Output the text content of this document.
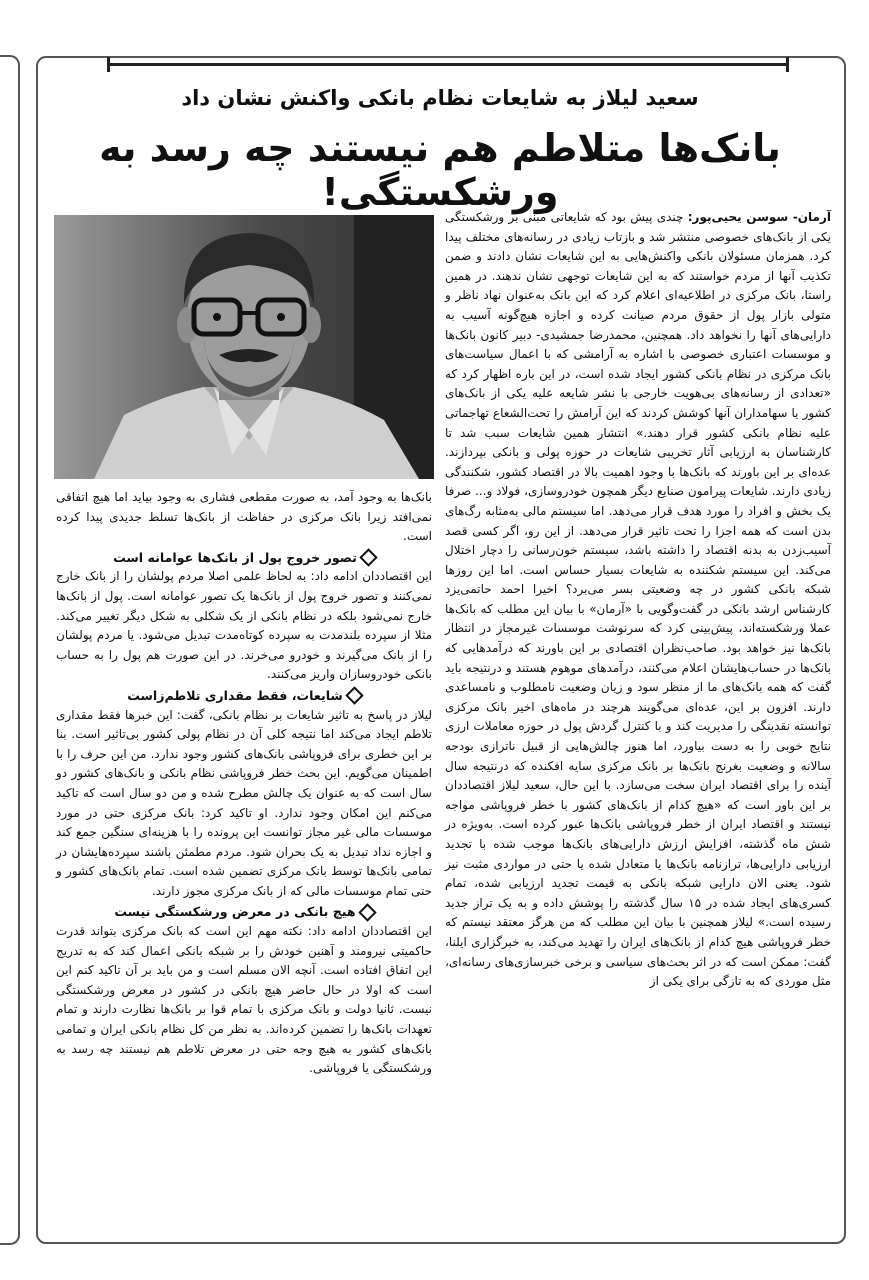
سعید لیلاز به شایعات نظام بانکی واکنش نشان داد
بانک‌ها متلاطم هم نیستند چه رسد به ورشکستگی!

آرمان- سوسن یحیی‌پور: چندی پیش بود که شایعاتی مبنی بر ورشکستگی یکی از بانک‌های خصوصی منتشر شد و بازتاب زیادی در رسانه‌های مختلف پیدا کرد. همزمان مسئولان بانکی واکنش‌هایی به این شایعات نشان دادند و ضمن تکذیب آنها از مردم خواستند که به این شایعات توجهی نشان ندهند. در همین راستا، بانک مرکزی در اطلاعیه‌ای اعلام کرد که این بانک به‌عنوان نهاد ناظر و متولی بازار پول از حقوق مردم صیانت کرده و اجازه هیچ‌گونه آسیب به دارایی‌های آنها را نخواهد داد. همچنین، محمدرضا جمشیدی- دبیر کانون بانک‌ها و موسسات اعتباری خصوصی با اشاره به آرامشی که با اعمال سیاست‌های بانک مرکزی در نظام بانکی کشور ایجاد شده است، در این باره اظهار کرد که «تعدادی از رسانه‌های بی‌هویت خارجی با نشر شایعه علیه یکی از بانک‌های کشور یا سهامداران آنها کوشش کردند که این آرامش را تحت‌الشعاع تهاجماتی علیه نظام بانکی کشور قرار دهند.» انتشار همین شایعات سبب شد تا کارشناسان به ارزیابی آثار تخریبی شایعات در حوزه پولی و بانکی بپردازند. عده‌ای بر این باورند که بانک‌ها با وجود اهمیت بالا در اقتصاد کشور، شکنندگی زیادی دارند. شایعات پیرامون صنایع دیگر همچون خودروسازی، فولاد و... صرفا یک بخش و افراد را مورد هدف قرار می‌دهد. اما سیستم مالی به‌مثابه رگ‌های بدن است که همه اجزا را تحت تاثیر قرار می‌دهد. از این رو، اگر کسی قصد آسیب‌زدن به بدنه اقتصاد را داشته باشد، سیستم خون‌رسانی را دچار اختلال می‌کند. این سیستم شکننده به شایعات بسیار حساس است. اما این روزها شبکه بانکی کشور در چه وضعیتی بسر می‌برد؟ اخیرا احمد حاتمی‌یزد کارشناس ارشد بانکی در گفت‌وگویی با «آرمان» با بیان این مطلب که بانک‌ها عملا ورشکسته‌اند، پیش‌بینی کرد که سرنوشت موسسات غیرمجاز در انتظار بانک‌ها نیز خواهد بود. صاحب‌نظران اقتصادی بر این باورند که درآمدهایی که بانک‌ها در حساب‌هایشان اعلام می‌کنند، درآمدهای موهوم هستند و درنتیجه باید گفت که همه بانک‌های ما از منظر سود و زیان وضعیت نامطلوب و نامساعدی دارند. افزون بر این، عده‌ای می‌گویند هرچند در ماه‌های اخیر بانک مرکزی توانسته نقدینگی را مدیریت کند و با کنترل گردش پول در حوزه معاملات ارزی نتایج خوبی را به دست بیاورد، اما هنوز چالش‌هایی از قبیل ناترازی بودجه سالانه و وضعیت بغرنج بانک‌ها بر بانک مرکزی سایه افکنده که درنتیجه سال آینده را برای اقتصاد ایران سخت می‌سازد. با این حال، سعید لیلاز اقتصاددان بر این باور است که «هیچ کدام از بانک‌های کشور با خطر فروپاشی مواجه نیستند و اقتصاد ایران از خطر فروپاشی بانک‌ها عبور کرده است. به‌ویژه در شش ماه گذشته، افزایش ارزش دارایی‌های بانک‌ها موجب شده با تجدید ارزیابی دارایی‌ها، ترازنامه بانک‌ها یا متعادل شده یا حتی در مواردی مثبت نیز شود. یعنی الان دارایی شبکه بانکی به قیمت تجدید ارزیابی شده، تمام کسری‌های ایجاد شده در ۱۵ سال گذشته را پوشش داده و به یک تراز جدید رسیده است.» لیلاز همچنین با بیان این مطلب که من هرگز معتقد نیستم که خطر فروپاشی هیچ کدام از بانک‌های ایران را تهدید می‌کند، به خبرگزاری ایلنا، گفت: ممکن است که در اثر بحث‌های سیاسی و برخی خبرسازی‌های رسانه‌ای، مثل موردی که به تازگی برای یکی از

بانک‌ها به وجود آمد، به صورت مقطعی فشاری به وجود بیاید اما هیچ اتفاقی نمی‌افتد زیرا بانک مرکزی در حفاظت از بانک‌ها تسلط جدیدی پیدا کرده است.

تصور خروج پول از بانک‌ها عوامانه است

این اقتصاددان ادامه داد: به لحاظ علمی اصلا مردم پولشان را از بانک خارج نمی‌کنند و تصور خروج پول از بانک‌ها یک تصور عوامانه است. پول از بانک‌ها خارج نمی‌شود بلکه در نظام بانکی از یک شکلی به شکل دیگر تغییر می‌کند. مثلا از سپرده بلندمدت به سپرده کوتاه‌مدت تبدیل می‌شود. یا مردم پولشان را از بانک می‌گیرند و خودرو می‌خرند. در این صورت هم پول را به حساب بانکی خودروسازان واریز می‌کنند.

شایعات، فقط مقداری تلاطم‌زاست

لیلاز در پاسخ به تاثیر شایعات بر نظام بانکی، گفت: این خبرها فقط مقداری تلاطم ایجاد می‌کند اما نتیجه کلی آن در نظام پولی کشور بی‌تاثیر است. بنا بر این خطری برای فروپاشی بانک‌های کشور وجود ندارد. من این حرف را با اطمینان می‌گویم. این بحث خطر فروپاشی نظام بانکی و بانک‌های کشور دو سال است که به عنوان یک چالش مطرح شده و من دو سال است که تاکید می‌کنم این امکان وجود ندارد. او تاکید کرد: بانک مرکزی حتی در مورد موسسات مالی غیر مجاز توانست این پرونده را با هزینه‌ای سنگین جمع کند و اجازه نداد تبدیل به یک بحران شود. مردم مطمئن باشند سپرده‌هایشان در تمامی بانک‌ها توسط بانک مرکزی تضمین شده است. تمام بانک‌های کشور و حتی تمام موسسات مالی که از بانک مرکزی مجوز دارند.

هیچ بانکی در معرض ورشکستگی نیست

این اقتصاددان ادامه داد: نکته مهم این است که بانک مرکزی بتواند قدرت حاکمیتی نیرومند و آهنین خودش را بر شبکه بانکی اعمال کند که به تدریج این اتفاق افتاده است. آنچه الان مسلم است و من باید بر آن تاکید کنم این است که اولا در حال حاضر هیچ بانکی در کشور در معرض ورشکستگی نیست. ثانیا دولت و بانک مرکزی با تمام قوا بر بانک‌ها نظارت دارند و تمام تعهدات بانک‌ها را تضمین کرده‌اند. به نظر من کل نظام بانکی ایران و تمامی بانک‌های کشور به هیچ وجه حتی در معرض تلاطم هم نیستند چه رسد به ورشکستگی یا فروپاشی.
